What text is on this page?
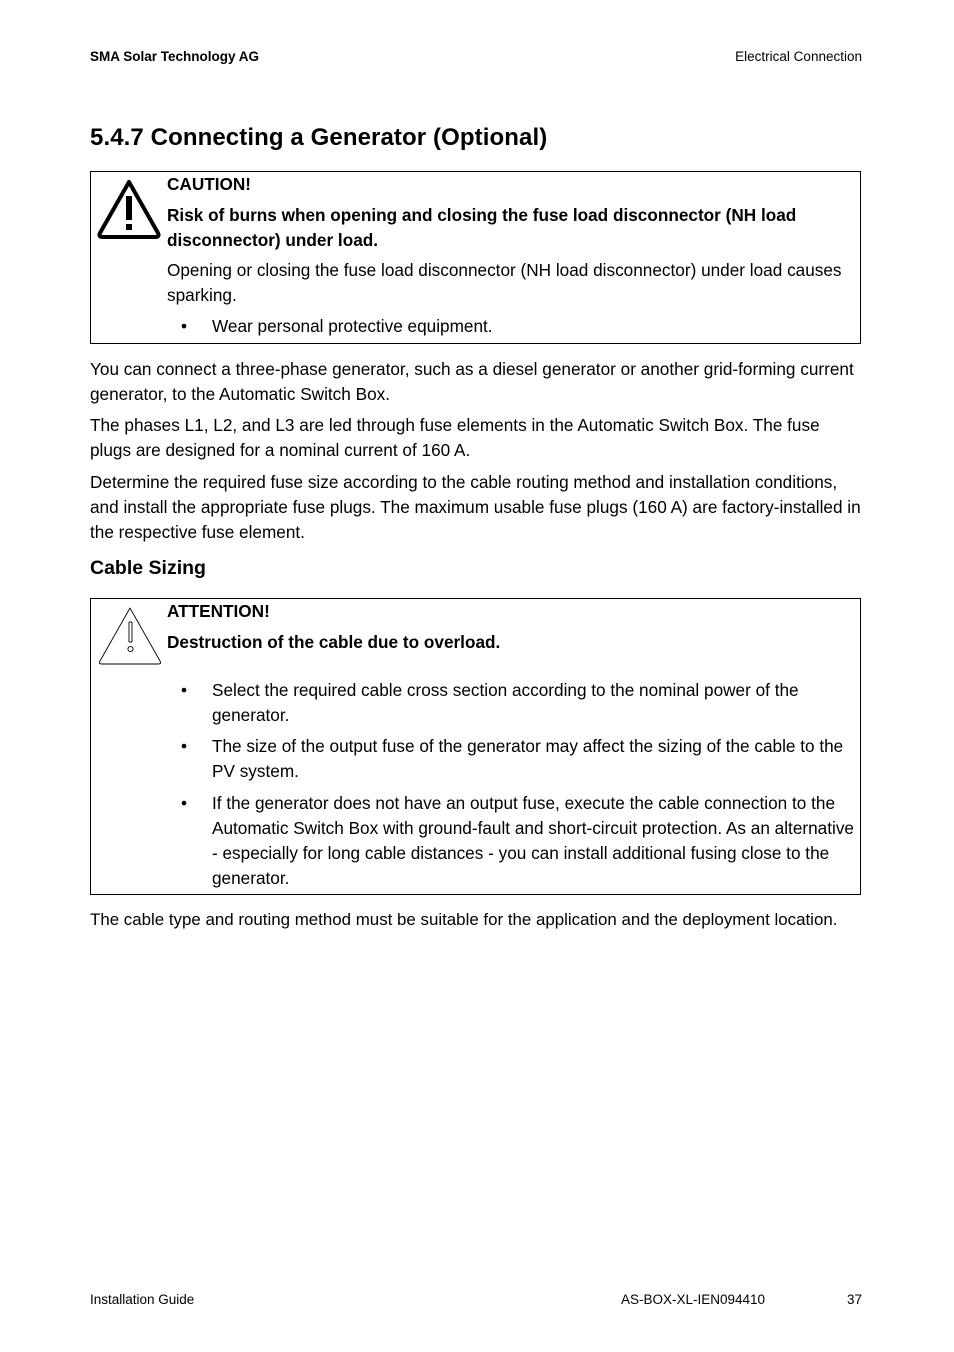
SMA Solar Technology AG	Electrical Connection
5.4.7 Connecting a Generator (Optional)
CAUTION!
Risk of burns when opening and closing the fuse load disconnector (NH load disconnector) under load.
Opening or closing the fuse load disconnector (NH load disconnector) under load causes sparking.
• Wear personal protective equipment.

You can connect a three-phase generator, such as a diesel generator or another grid-forming current generator, to the Automatic Switch Box.

The phases L1, L2, and L3 are led through fuse elements in the Automatic Switch Box. The fuse plugs are designed for a nominal current of 160 A.

Determine the required fuse size according to the cable routing method and installation conditions, and install the appropriate fuse plugs. The maximum usable fuse plugs (160 A) are factory-installed in the respective fuse element.

Cable Sizing
ATTENTION!
Destruction of the cable due to overload.
• Select the required cable cross section according to the nominal power of the generator.
• The size of the output fuse of the generator may affect the sizing of the cable to the PV system.
• If the generator does not have an output fuse, execute the cable connection to the Automatic Switch Box with ground-fault and short-circuit protection. As an alternative - especially for long cable distances - you can install additional fusing close to the generator.

The cable type and routing method must be suitable for the application and the deployment location.

Installation Guide	AS-BOX-XL-IEN094410	37
